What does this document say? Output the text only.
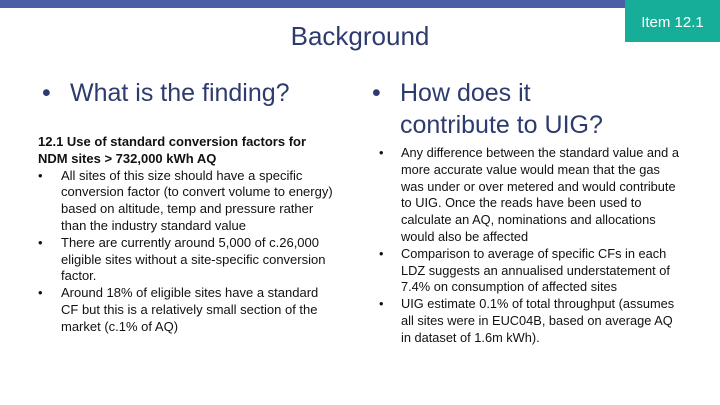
Item 12.1
Background
• What is the finding?	• How does it
contribute to UIG?

12.1 Use of standard conversion factors for NDM sites > 732,000 kWh AQ

•	All sites of this size should have a specific conversion factor (to convert volume to energy) based on altitude, temp and pressure rather than the industry standard value
•	There are currently around 5,000 of c.26,000 eligible sites without a site-specific conversion factor.
•	Around 18% of eligible sites have a standard CF but this is a relatively small section of the market (c.1% of AQ)
•	Any difference between the standard value and a more accurate value would mean that the gas was under or over metered and would contribute to UIG. Once the reads have been used to calculate an AQ, nominations and allocations would also be affected
•	Comparison to average of specific CFs in each LDZ suggests an annualised understatement of 7.4% on consumption of affected sites
•	UIG estimate 0.1% of total throughput (assumes all sites were in EUC04B, based on average AQ in dataset of 1.6m kWh).
